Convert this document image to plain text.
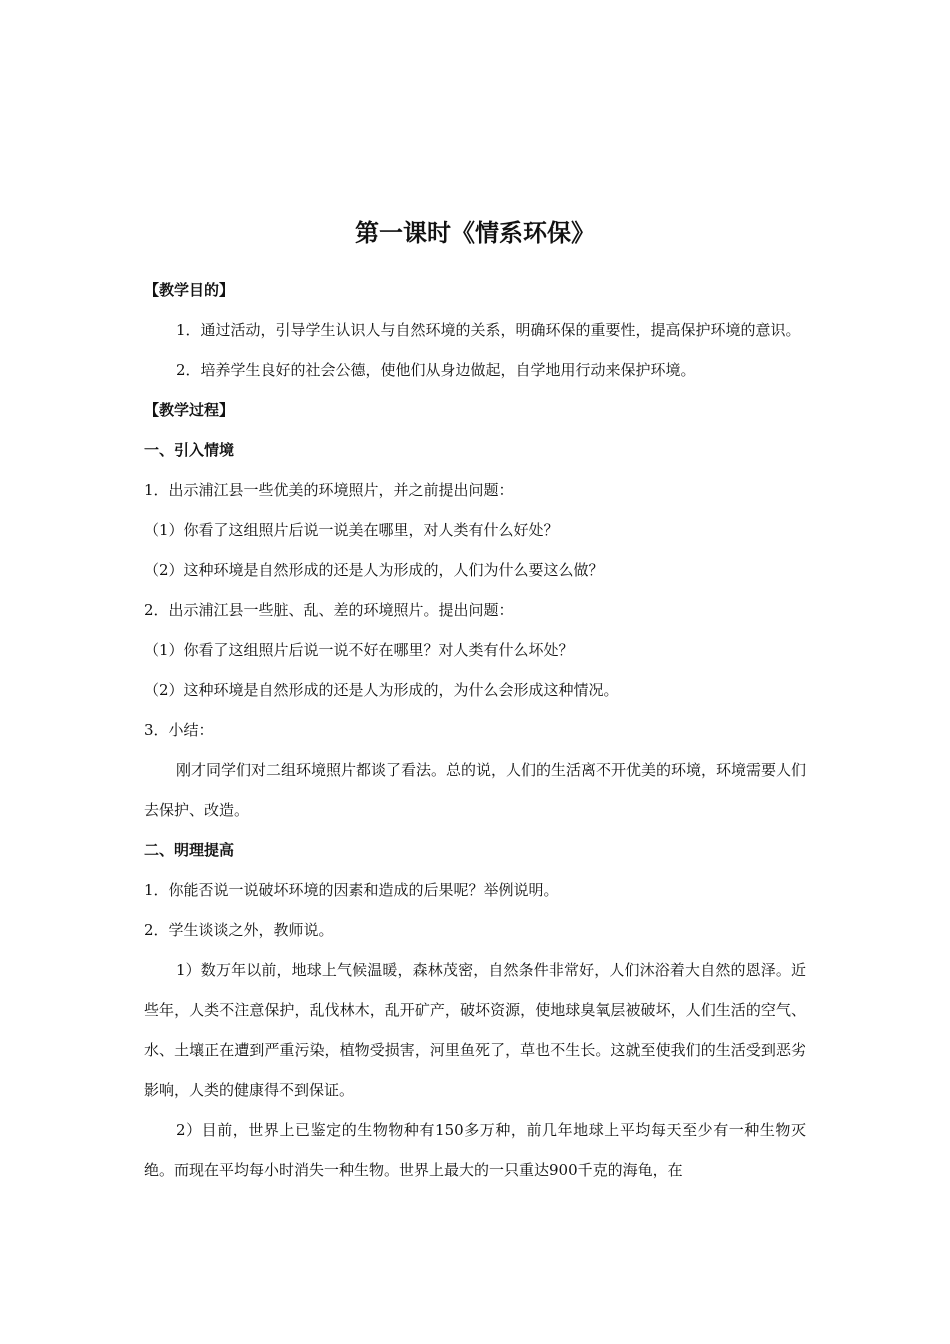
第一课时《情系环保》
【教学目的】

1．通过活动，引导学生认识人与自然环境的关系，明确环保的重要性，提高保护环境的意识。

2．培养学生良好的社会公德，使他们从身边做起，自学地用行动来保护环境。

【教学过程】
一、引入情境
1．出示浦江县一些优美的环境照片，并之前提出问题：
（1）你看了这组照片后说一说美在哪里，对人类有什么好处？
（2）这种环境是自然形成的还是人为形成的，人们为什么要这么做？
2．出示浦江县一些脏、乱、差的环境照片。提出问题：
（1）你看了这组照片后说一说不好在哪里？对人类有什么坏处？
（2）这种环境是自然形成的还是人为形成的，为什么会形成这种情况。
3．小结：

刚才同学们对二组环境照片都谈了看法。总的说，人们的生活离不开优美的环境，环境需要人们去保护、改造。

二、明理提高
1．你能否说一说破坏环境的因素和造成的后果呢？举例说明。
2．学生谈谈之外，教师说。

1）数万年以前，地球上气候温暖，森林茂密，自然条件非常好，人们沐浴着大自然的恩泽。近些年，人类不注意保护，乱伐林木，乱开矿产，破坏资源，使地球臭氧层被破坏，人们生活的空气、水、土壤正在遭到严重污染，植物受损害，河里鱼死了，草也不生长。这就至使我们的生活受到恶劣影响，人类的健康得不到保证。

2）目前，世界上已鉴定的生物物种有150多万种，前几年地球上平均每天至少有一种生物灭绝。而现在平均每小时消失一种生物。世界上最大的一只重达900千克的海龟，在
